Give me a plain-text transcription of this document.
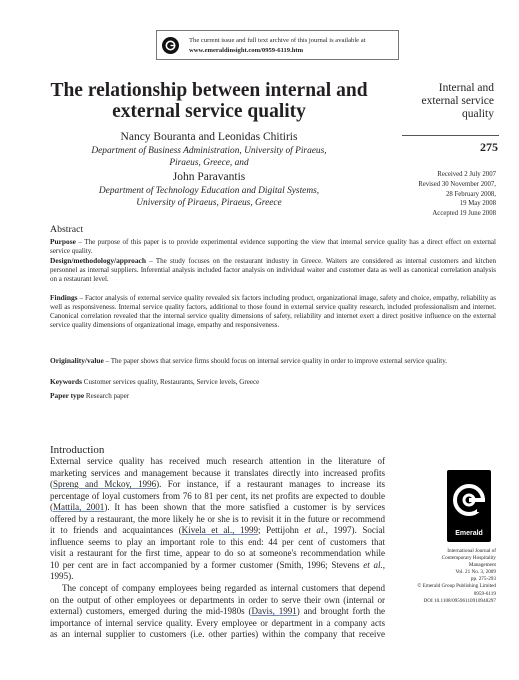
The current issue and full text archive of this journal is available at
www.emeraldinsight.com/0959-6119.htm
The relationship between internal and external service quality
Nancy Bouranta and Leonidas Chitiris
Department of Business Administration, University of Piraeus,
Piraeus, Greece, and
John Paravantis
Department of Technology Education and Digital Systems,
University of Piraeus, Piraeus, Greece
Internal and
external service
quality
275
Received 2 July 2007
Revised 30 November 2007,
28 February 2008,
19 May 2008
Accepted 19 June 2008
Emerald
International Journal of
Contemporary Hospitality
Management
Vol. 21 No. 3, 2009
pp. 275-293
© Emerald Group Publishing Limited
0959-6119
DOI 10.1108/09596110910948297
Abstract
Purpose – The purpose of this paper is to provide experimental evidence supporting the view that internal service quality has a direct effect on external service quality.
Design/methodology/approach – The study focuses on the restaurant industry in Greece. Waiters are considered as internal customers and kitchen personnel as internal suppliers. Inferential analysis included factor analysis on individual waiter and customer data as well as canonical correlation analysis on a restaurant level.
Findings – Factor analysis of external service quality revealed six factors including product, organizational image, safety and choice, empathy, reliability as well as responsiveness. Internal service quality factors, additional to those found in external service quality research, included professionalism and internet. Canonical correlation revealed that the internal service quality dimensions of safety, reliability and internet exert a direct positive influence on the external service quality dimensions of organizational image, empathy and responsiveness.
Originality/value – The paper shows that service firms should focus on internal service quality in order to improve external service quality.
Keywords Customer services quality, Restaurants, Service levels, Greece
Paper type Research paper
Introduction
External service quality has received much research attention in the literature of
marketing services and management because it translates directly into increased profits
(Spreng and Mckoy, 1996). For instance, if a restaurant manages to increase its
percentage of loyal customers from 76 to 81 per cent, its net profits are expected to double
(Mattila, 2001). It has been shown that the more satisfied a customer is by services
offered by a restaurant, the more likely he or she is to revisit it in the future or recommend
it to friends and acquaintances (Kivela et al., 1999; Pettijohn et al., 1997). Social
influence seems to play an important role to this end: 44 per cent of customers that
visit a restaurant for the first time, appear to do so at someone's recommendation while
10 per cent are in fact accompanied by a former customer (Smith, 1996; Stevens et al.,
1995).
The concept of company employees being regarded as internal customers that depend
on the output of other employees or departments in order to serve their own (internal or
external) customers, emerged during the mid-1980s (Davis, 1991) and brought forth the
importance of internal service quality. Every employee or department in a company acts
as an internal supplier to customers (i.e. other parties) within the company that receive
